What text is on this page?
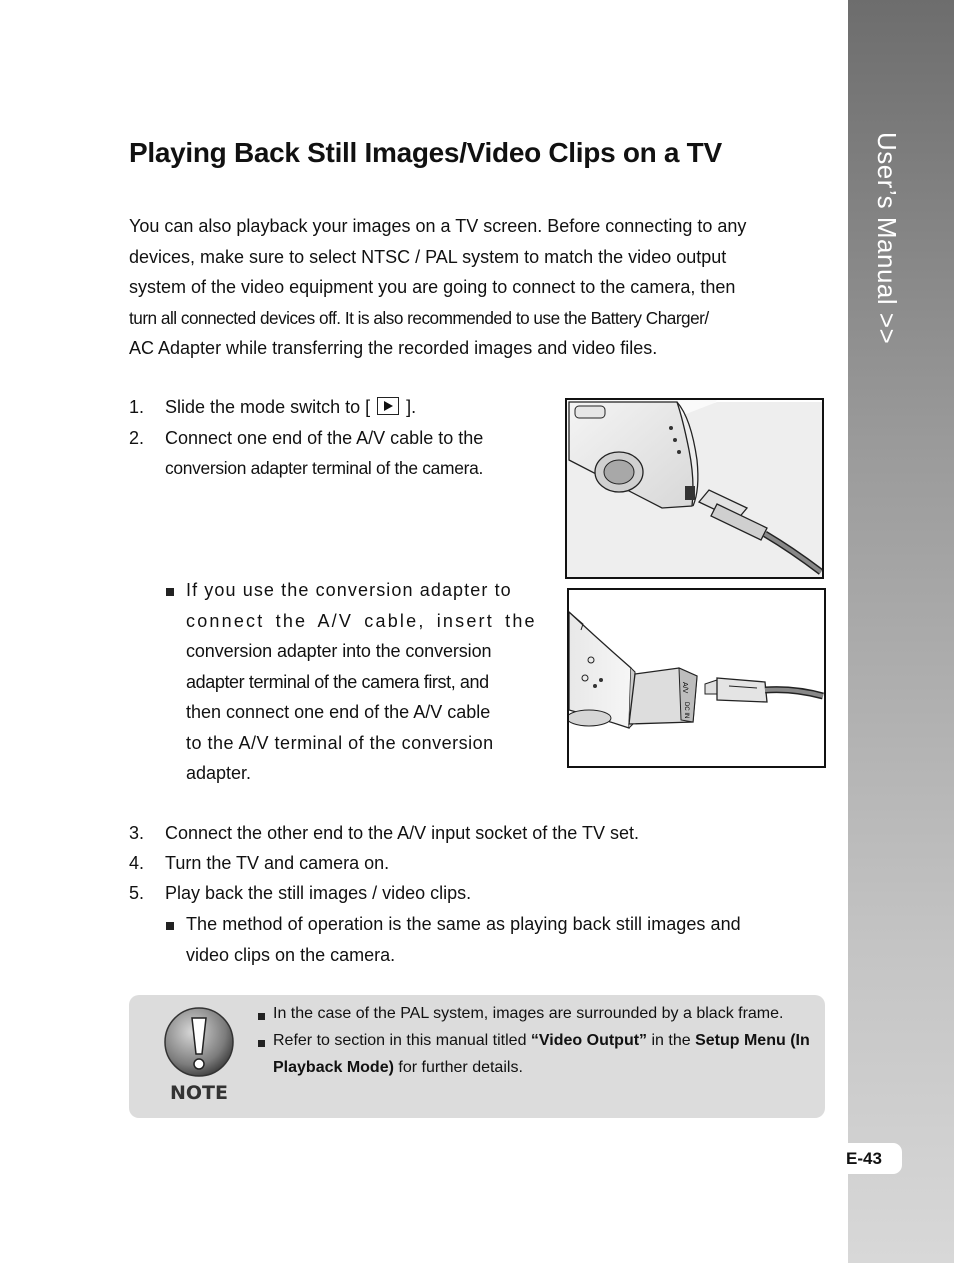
User’s Manual >>
E-43
Playing Back Still Images/Video Clips on a TV
You can also playback your images on a TV screen. Before connecting to any
devices, make sure to select NTSC / PAL system to match the video output
system of the video equipment you are going to connect to the camera, then
turn all connected devices off. It is also recommended to use the Battery Charger/
AC Adapter while transferring the recorded images and video files.
1. Slide the mode switch to [ ].
2. Connect one end of the A/V cable to the
conversion adapter terminal of the camera.
If you use the conversion adapter to
connect the A/V cable, insert the
conversion adapter into the conversion
adapter terminal of the camera first, and
then connect one end of the A/V cable
to the A/V terminal of the conversion
adapter.
A/V
DC IN
3. Connect the other end to the A/V input socket of the TV set.
4. Turn the TV and camera on.
5. Play back the still images / video clips.
The method of operation is the same as playing back still images and
video clips on the camera.
NOTE
In the case of the PAL system, images are surrounded by a black frame.
Refer to section in this manual titled “Video Output” in the Setup Menu (In Playback Mode) for further details.
